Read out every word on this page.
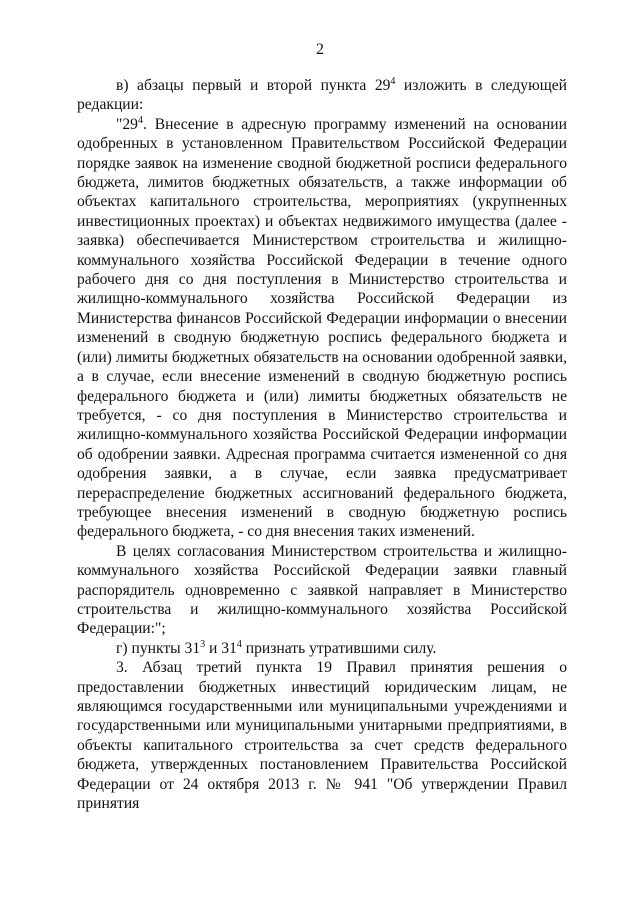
2

в) абзацы первый и второй пункта $29^4$ изложить в следующей редакции:

"$29^4$. Внесение в адресную программу изменений на основании одобренных в установленном Правительством Российской Федерации порядке заявок на изменение сводной бюджетной росписи федерального бюджета, лимитов бюджетных обязательств, а также информации об объектах капитального строительства, мероприятиях (укрупненных инвестиционных проектах) и объектах недвижимого имущества (далее - заявка) обеспечивается Министерством строительства и жилищно-коммунального хозяйства Российской Федерации в течение одного рабочего дня со дня поступления в Министерство строительства и жилищно-коммунального хозяйства Российской Федерации из Министерства финансов Российской Федерации информации о внесении изменений в сводную бюджетную роспись федерального бюджета и (или) лимиты бюджетных обязательств на основании одобренной заявки, а в случае, если внесение изменений в сводную бюджетную роспись федерального бюджета и (или) лимиты бюджетных обязательств не требуется, - со дня поступления в Министерство строительства и жилищно-коммунального хозяйства Российской Федерации информации об одобрении заявки. Адресная программа считается измененной со дня одобрения заявки, а в случае, если заявка предусматривает перераспределение бюджетных ассигнований федерального бюджета, требующее внесения изменений в сводную бюджетную роспись федерального бюджета, - со дня внесения таких изменений.

В целях согласования Министерством строительства и жилищно-коммунального хозяйства Российской Федерации заявки главный распорядитель одновременно с заявкой направляет в Министерство строительства и жилищно-коммунального хозяйства Российской Федерации:";

г) пункты $31^3$ и $31^4$ признать утратившими силу.

3. Абзац третий пункта 19 Правил принятия решения о предоставлении бюджетных инвестиций юридическим лицам, не являющимся государственными или муниципальными учреждениями и государственными или муниципальными унитарными предприятиями, в объекты капитального строительства за счет средств федерального бюджета, утвержденных постановлением Правительства Российской Федерации от 24 октября 2013 г. № 941 "Об утверждении Правил принятия
